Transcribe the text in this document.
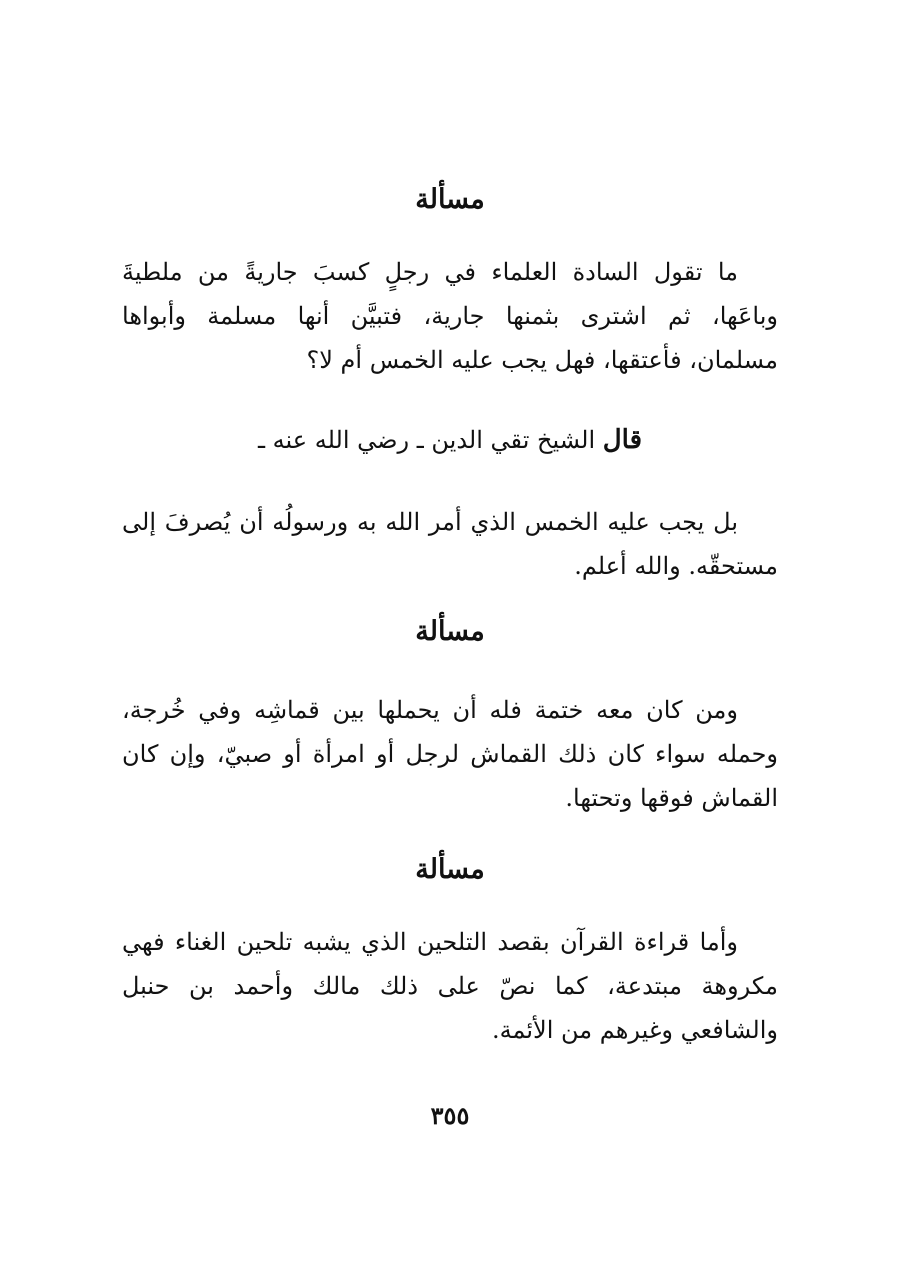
مسألة
ما تقول السادة العلماء في رجلٍ كسبَ جاريةً من ملطيةَ
وباعَها، ثم اشترى بثمنها جارية، فتبيَّن أنها مسلمة وأبواها
مسلمان، فأعتقها، فهل يجب عليه الخمس أم لا؟
قال الشيخ تقي الدين ـ رضي الله عنه ـ
بل يجب عليه الخمس الذي أمر الله به ورسولُه أن يُصرفَ إلى
مستحقّه. والله أعلم.
مسألة
ومن كان معه ختمة فله أن يحملها بين قماشِه وفي خُرجة،
وحمله سواء كان ذلك القماش لرجل أو امرأة أو صبيّ، وإن كان
القماش فوقها وتحتها.
مسألة
وأما قراءة القرآن بقصد التلحين الذي يشبه تلحين الغناء فهي
مكروهة مبتدعة، كما نصّ على ذلك مالك وأحمد بن حنبل
والشافعي وغيرهم من الأئمة.
٣٥٥
